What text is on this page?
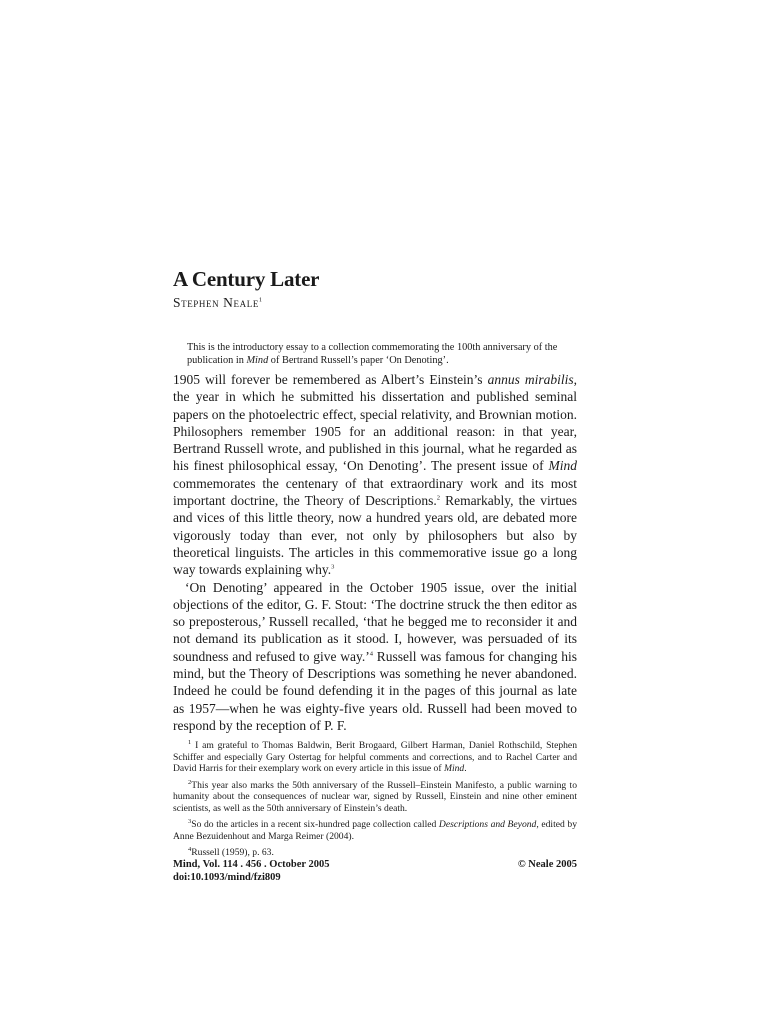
A Century Later
Stephen Neale$^1$
This is the introductory essay to a collection commemorating the 100th anniversary of the publication in Mind of Bertrand Russell’s paper ‘On Denoting’.

1905 will forever be remembered as Albert’s Einstein’s annus mirabilis, the year in which he submitted his dissertation and published seminal papers on the photoelectric effect, special relativity, and Brownian motion. Philosophers remember 1905 for an additional reason: in that year, Bertrand Russell wrote, and published in this journal, what he regarded as his finest philosophical essay, ‘On Denoting’. The present issue of Mind commemorates the centenary of that extraordinary work and its most important doctrine, the Theory of Descriptions.$^2$ Remarkably, the virtues and vices of this little theory, now a hundred years old, are debated more vigorously today than ever, not only by philosophers but also by theoretical linguists. The articles in this commemorative issue go a long way towards explaining why.$^3$

‘On Denoting’ appeared in the October 1905 issue, over the initial objections of the editor, G. F. Stout: ‘The doctrine struck the then editor as so preposterous,’ Russell recalled, ‘that he begged me to reconsider it and not demand its publication as it stood. I, however, was persuaded of its soundness and refused to give way.’$^4$ Russell was famous for changing his mind, but the Theory of Descriptions was something he never abandoned. Indeed he could be found defending it in the pages of this journal as late as 1957—when he was eighty-five years old. Russell had been moved to respond by the reception of P. F.

$^1$ I am grateful to Thomas Baldwin, Berit Brogaard, Gilbert Harman, Daniel Rothschild, Stephen Schiffer and especially Gary Ostertag for helpful comments and corrections, and to Rachel Carter and David Harris for their exemplary work on every article in this issue of Mind.

$^2$This year also marks the 50th anniversary of the Russell–Einstein Manifesto, a public warning to humanity about the consequences of nuclear war, signed by Russell, Einstein and nine other eminent scientists, as well as the 50th anniversary of Einstein’s death.

$^3$So do the articles in a recent six-hundred page collection called Descriptions and Beyond, edited by Anne Bezuidenhout and Marga Reimer (2004).

$^4$Russell (1959), p. 63.

Mind, Vol. 114 . 456 . October 2005	© Neale 2005
doi:10.1093/mind/fzi809
